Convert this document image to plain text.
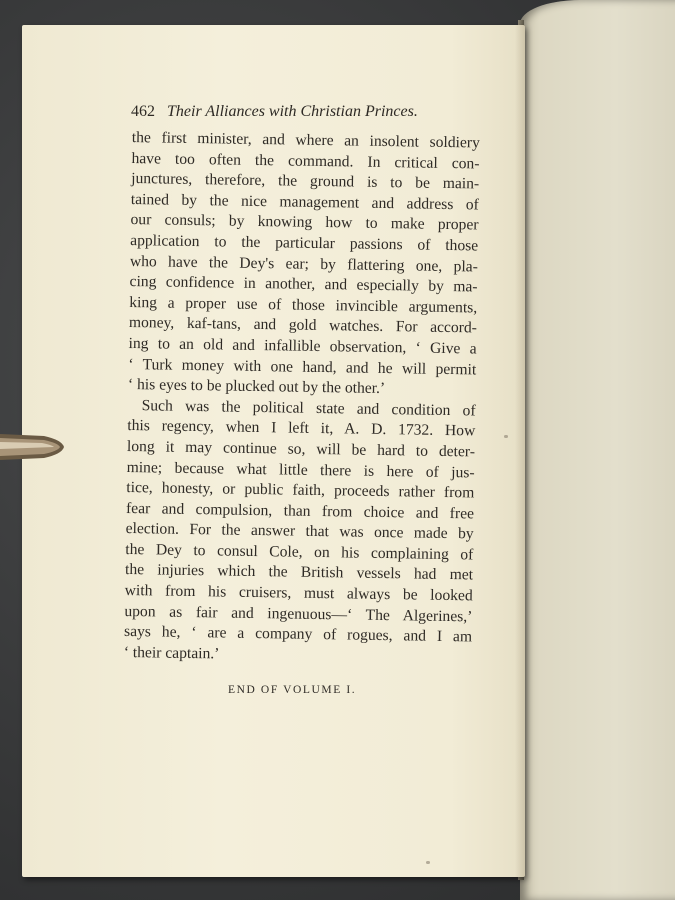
462 Their Alliances with Christian Princes.
the first minister, and where an insolent soldiery
have too often the command. In critical con-
junctures, therefore, the ground is to be main-
tained by the nice management and address of
our consuls; by knowing how to make proper
application to the particular passions of those
who have the Dey's ear; by flattering one, pla-
cing confidence in another, and especially by ma-
king a proper use of those invincible arguments,
money, kaf-tans, and gold watches. For accord-
ing to an old and infallible observation, ‘ Give a
‘ Turk money with one hand, and he will permit
‘ his eyes to be plucked out by the other.’
Such was the political state and condition of
this regency, when I left it, A. D. 1732. How
long it may continue so, will be hard to deter-
mine; because what little there is here of jus-
tice, honesty, or public faith, proceeds rather from
fear and compulsion, than from choice and free
election. For the answer that was once made by
the Dey to consul Cole, on his complaining of
the injuries which the British vessels had met
with from his cruisers, must always be looked
upon as fair and ingenuous—‘ The Algerines,’
says he, ‘ are a company of rogues, and I am
‘ their captain.’
END OF VOLUME I.
